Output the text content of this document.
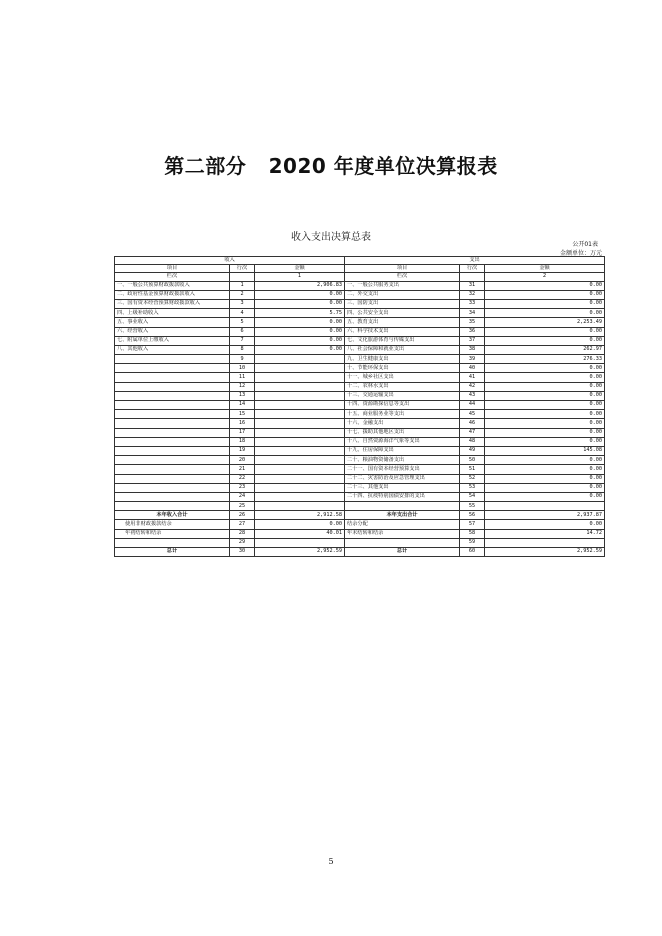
第二部分   2020 年度单位决算报表
收入支出决算总表
公开01表
金额单位：万元
收入			支出		
项目	行次	金额	项目	行次	金额
栏次		1	栏次		2
一、一般公共预算财政拨款收入	1	2,906.83	一、一般公共服务支出	31	0.00
二、政府性基金预算财政拨款收入	2	0.00	二、外交支出	32	0.00
三、国有资本经营预算财政拨款收入	3	0.00	三、国防支出	33	0.00
四、上级补助收入	4	5.75	四、公共安全支出	34	0.00
五、事业收入	5	0.00	五、教育支出	35	2,253.49
六、经营收入	6	0.00	六、科学技术支出	36	0.00
七、附属单位上缴收入	7	0.00	七、文化旅游体育与传媒支出	37	0.00
八、其他收入	8	0.00	八、社会保障和就业支出	38	262.97
	9		九、卫生健康支出	39	276.33
	10		十、节能环保支出	40	0.00
	11		十一、城乡社区支出	41	0.00
	12		十二、农林水支出	42	0.00
	13		十三、交通运输支出	43	0.00
	14		十四、资源勘探信息等支出	44	0.00
	15		十五、商业服务业等支出	45	0.00
	16		十六、金融支出	46	0.00
	17		十七、援助其他地区支出	47	0.00
	18		十八、自然资源海洋气象等支出	48	0.00
	19		十九、住房保障支出	49	145.08
	20		二十、粮油物资储备支出	50	0.00
	21		二十一、国有资本经营预算支出	51	0.00
	22		二十二、灾害防治及应急管理支出	52	0.00
	23		二十三、其他支出	53	0.00
	24		二十四、抗疫特别国债安排的支出	54	0.00
	25			55	
本年收入合计	26	2,912.58	本年支出合计	56	2,937.87
使用非财政拨款结余	27	0.00	结余分配	57	0.00
年初结转和结余	28	40.01	年末结转和结余	58	14.72
	29			59	
总计	30	2,952.59	总计	60	2,952.59
5
